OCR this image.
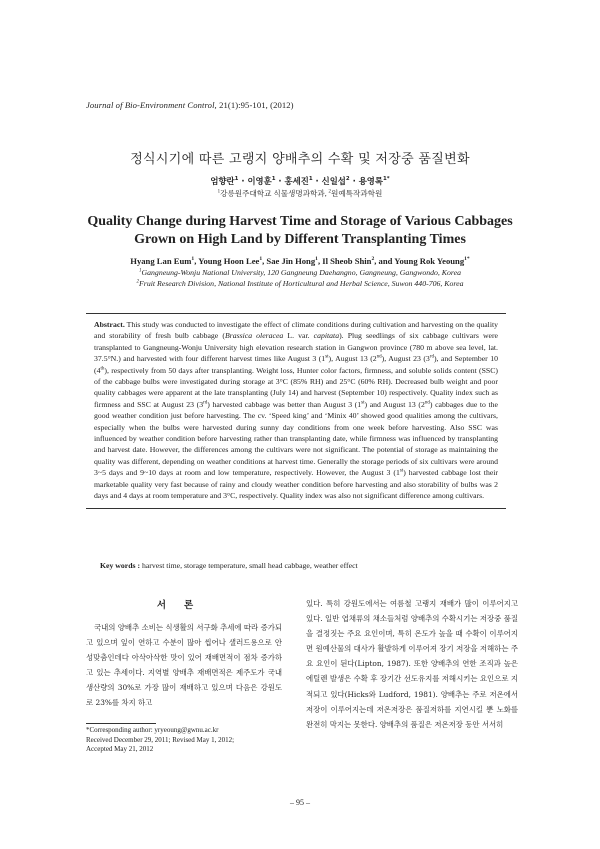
Journal of Bio-Environment Control, 21(1):95-101, (2012)
정식시기에 따른 고랭지 양배추의 수확 및 저장중 품질변화
엄향란$^1$ · 이영훈$^1$ · 홍세진$^1$ · 신일섭$^2$ · 용영록$^{1*}$
$^1$강릉원주대학교 식물생명과학과, $^2$원예특작과학원
Quality Change during Harvest Time and Storage of Various Cabbages
Grown on High Land by Different Transplanting Times
Hyang Lan Eum$^1$, Young Hoon Lee$^1$, Sae Jin Hong$^1$, Il Sheob Shin$^2$, and Young Rok Yeoung$^{1*}$
$^1$Gangneung-Wonju National University, 120 Gangneung Daehangno, Gangneung, Gangwondo, Korea
$^2$Fruit Research Division, National Institute of Horticultural and Herbal Science, Suwon 440-706, Korea

Abstract. This study was conducted to investigate the effect of climate conditions during cultivation and harvesting on the quality and storability of fresh bulb cabbage (Brassica oleracea L. var. capitata). Plug seedlings of six cabbage cultivars were transplanted to Gangneung-Wonju University high elevation research station in Gangwon province (780 m above sea level, lat. 37.5°N.) and harvested with four different harvest times like August 3 (1st), August 13 (2nd), August 23 (3rd), and September 10 (4th), respectively from 50 days after transplanting. Weight loss, Hunter color factors, firmness, and soluble solids content (SSC) of the cabbage bulbs were investigated during storage at 3°C (85% RH) and 25°C (60% RH). Decreased bulb weight and poor quality cabbages were apparent at the late transplanting (July 14) and harvest (September 10) respectively. Quality index such as firmness and SSC at August 23 (3rd) harvested cabbage was better than August 3 (1st) and August 13 (2nd) cabbages due to the good weather condition just before harvesting. The cv. ‘Speed king’ and ‘Minix 40’ showed good qualities among the cultivars, especially when the bulbs were harvested during sunny day conditions from one week before harvesting. Also SSC was influenced by weather condition before harvesting rather than transplanting date, while firmness was influenced by transplanting and harvest date. However, the differences among the cultivars were not significant. The potential of storage as maintaining the quality was different, depending on weather conditions at harvest time. Generally the storage periods of six cultivars were around 3~5 days and 9~10 days at room and low temperature, respectively. However, the August 3 (1st) harvested cabbage lost their marketable quality very fast because of rainy and cloudy weather condition before harvesting and also storability of bulbs was 2 days and 4 days at room temperature and 3°C, respectively. Quality index was also not significant difference among cultivars.

Key words : harvest time, storage temperature, small head cabbage, weather effect
서론
국내의 양배추 소비는 식생활의 서구화 추세에 따라 증가되고 있으며 잎이 연하고 수분이 많아 씹어나 샐러드용으로 안성맞춤인데다 아삭아삭한 맛이 있어 재배면적이 점차 증가하고 있는 추세이다. 지역별 양배추 재배면적은 제주도가 국내 생산량의 30%로 가장 많이 재배하고 있으며 다음은 강원도로 23%를 차지 하고
있다. 특히 강원도에서는 여름철 고랭지 재배가 많이 이루어지고 있다. 일반 엽채류의 채소들처럼 양배추의 수확시기는 저장중 품질을 결정짓는 주요 요인이며, 특히 온도가 높을 때 수확이 이루어지면 원예산물의 대사가 활발하게 이루어져 장기 저장을 저해하는 주요 요인이 된다(Lipton, 1987). 또한 양배추의 연한 조직과 높은 에틸렌 발생은 수확 후 장기간 선도유지를 저해시키는 요인으로 지적되고 있다(Hicks와 Ludford, 1981). 양배추는 주로 저온에서 저장이 이루어지는데 저온저장은 품질저하를 지연시킬 뿐 노화를 완전히 막지는 못한다. 양배추의 품질은 저온저장 동안 서서히
*Corresponding author: yryeoung@gwnu.ac.kr
Received December 29, 2011; Revised May 1, 2012;
Accepted May 21, 2012
– 95 –
